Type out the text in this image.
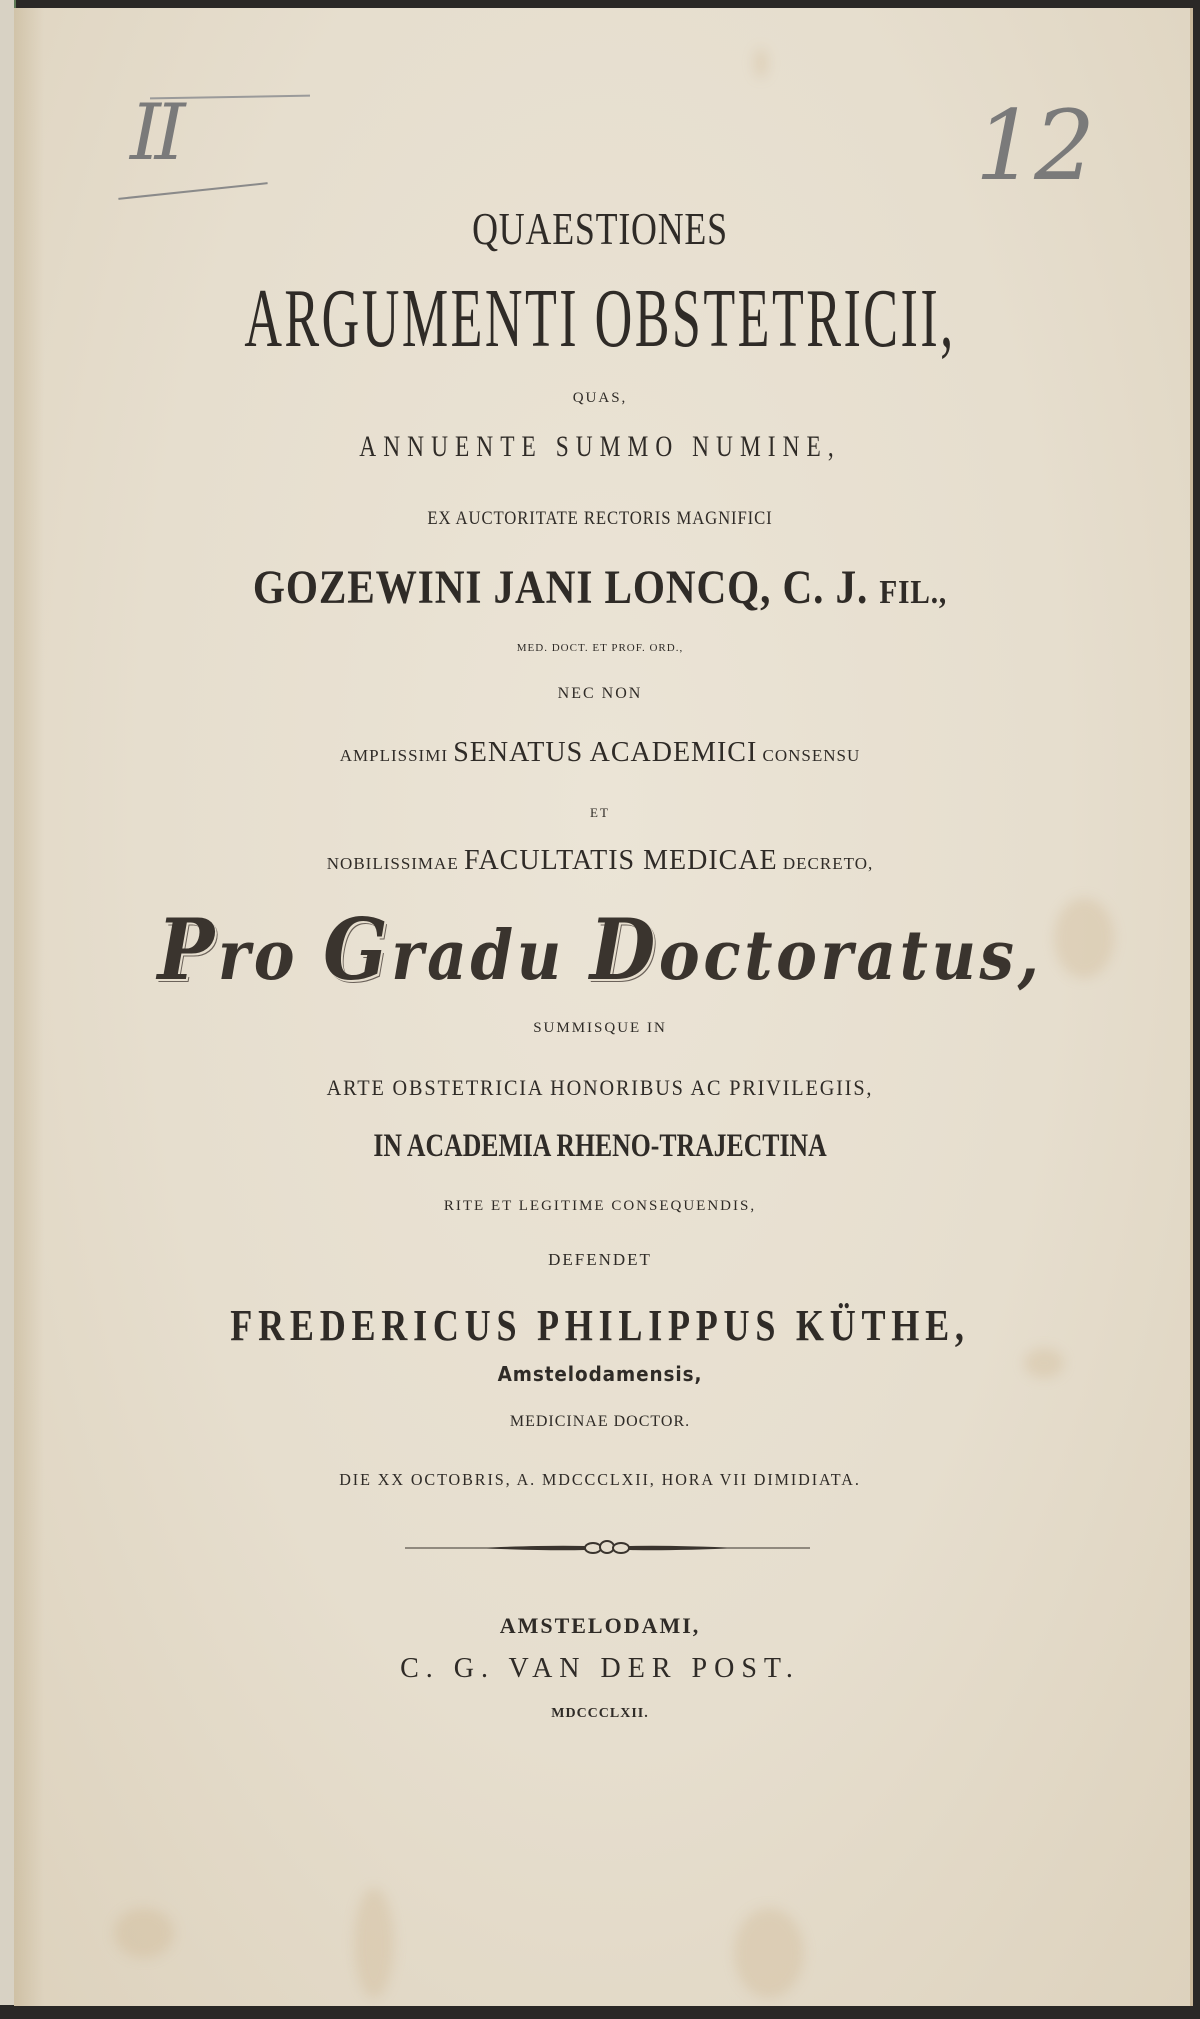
II	12
QUAESTIONES
ARGUMENTI OBSTETRICII,
QUAS,
ANNUENTE SUMMO NUMINE,
EX AUCTORITATE RECTORIS MAGNIFICI
GOZEWINI JANI LONCQ, C. J. FIL.,
MED. DOCT. ET PROF. ORD.,
NEC NON
AMPLISSIMI SENATUS ACADEMICI CONSENSU
ET
NOBILISSIMAE FACULTATIS MEDICAE DECRETO,
Pro Gradu Doctoratus,
SUMMISQUE IN
ARTE OBSTETRICIA HONORIBUS AC PRIVILEGIIS,
IN ACADEMIA RHENO-TRAJECTINA
RITE ET LEGITIME CONSEQUENDIS,
DEFENDET
FREDERICUS PHILIPPUS KÜTHE,
Amstelodamensis,
MEDICINAE DOCTOR.
DIE XX OCTOBRIS, A. MDCCCLXII, HORA VII DIMIDIATA.
AMSTELODAMI,
C. G. VAN DER POST.
MDCCCLXII.
